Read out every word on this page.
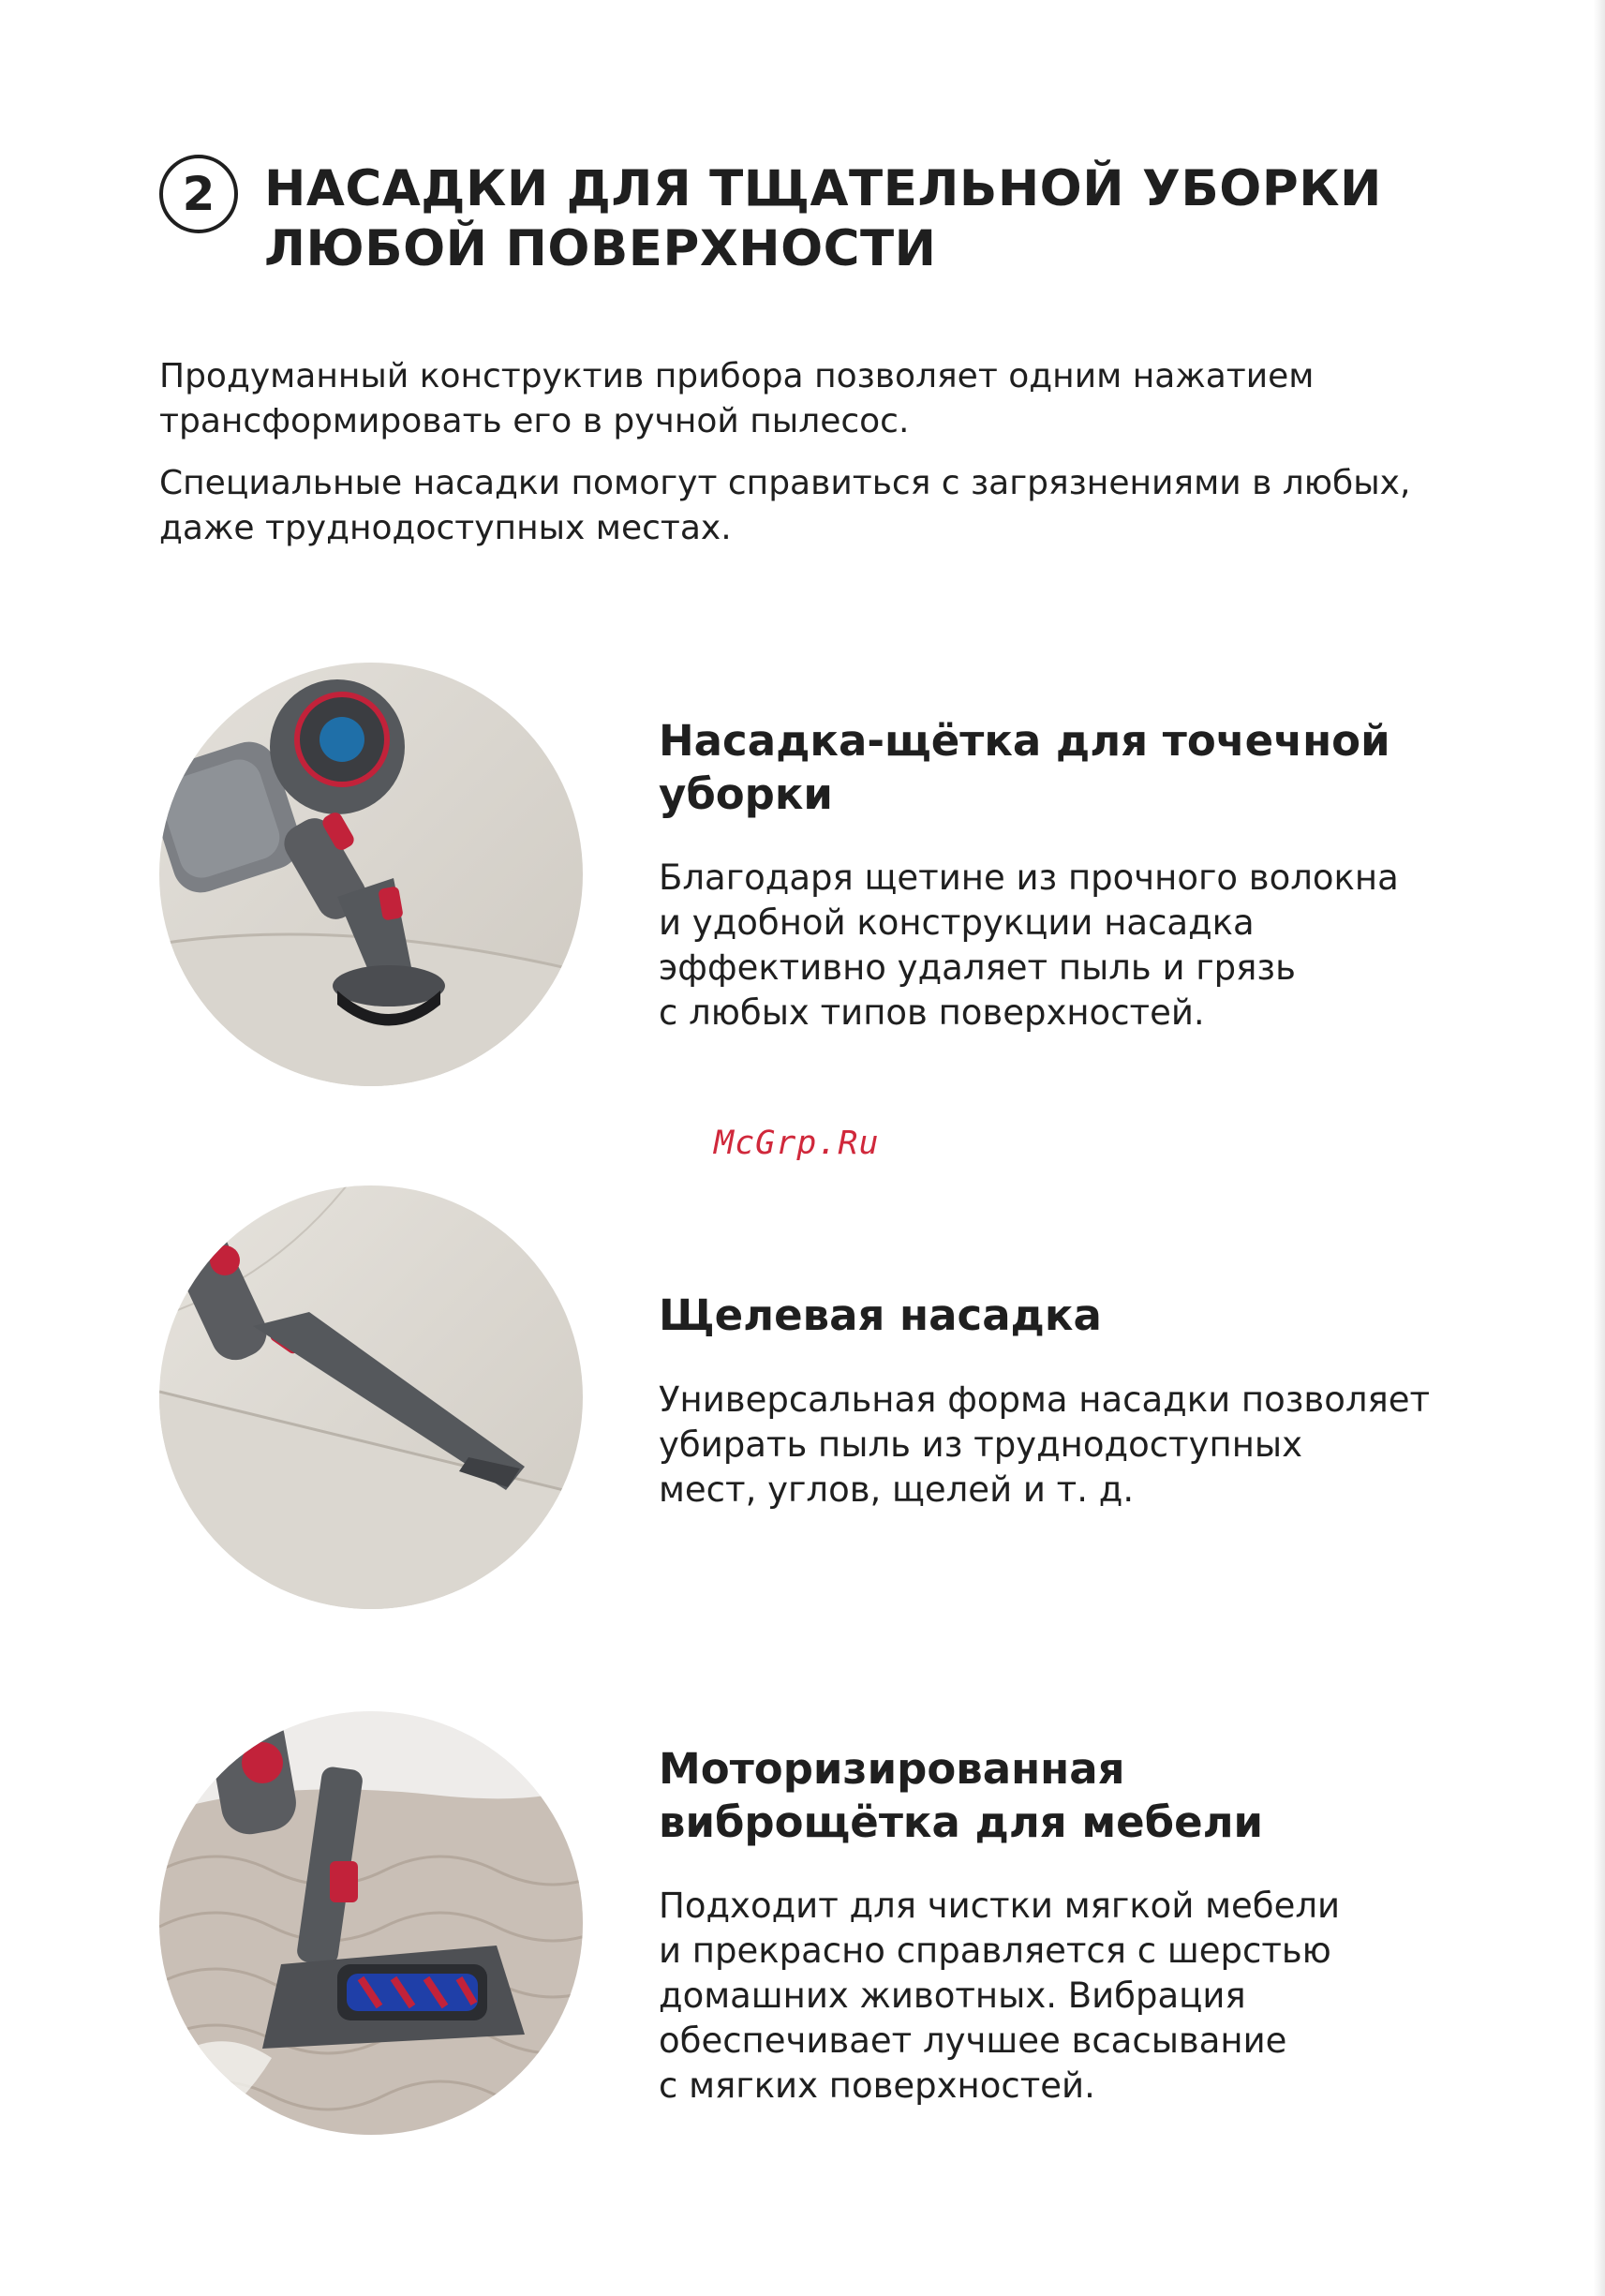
2 НАСАДКИ ДЛЯ ТЩАТЕЛЬНОЙ УБОРКИ
ЛЮБОЙ ПОВЕРХНОСТИ

Продуманный конструктив прибора позволяет одним нажатием трансформировать его в ручной пылесос.

Специальные насадки помогут справиться с загрязнениями в любых, даже труднодоступных местах.

Насадка-щётка для точечной
уборки
Благодаря щетине из прочного волокна
и удобной конструкции насадка
эффективно удаляет пыль и грязь
с любых типов поверхностей.
McGrp.Ru
Щелевая насадка
Универсальная форма насадки позволяет
убирать пыль из труднодоступных
мест, углов, щелей и т. д.
Моторизированная
виброщётка для мебели
Подходит для чистки мягкой мебели
и прекрасно справляется с шерстью
домашних животных. Вибрация
обеспечивает лучшее всасывание
с мягких поверхностей.
